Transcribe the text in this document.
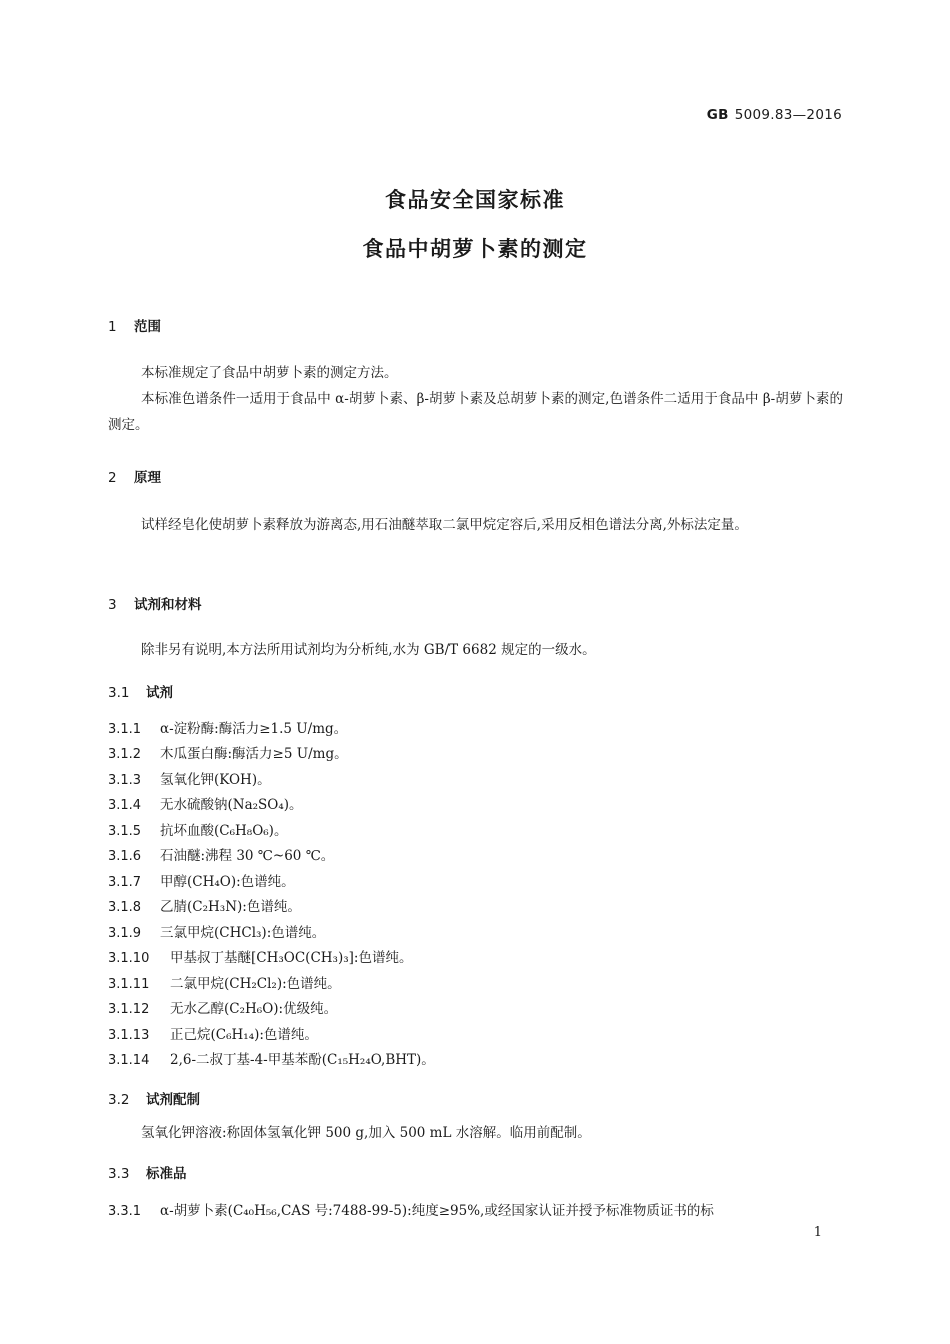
GB 5009.83—2016
食品安全国家标准
食品中胡萝卜素的测定
1 范围
本标准规定了食品中胡萝卜素的测定方法。
本标准色谱条件一适用于食品中 α-胡萝卜素、β-胡萝卜素及总胡萝卜素的测定,色谱条件二适用于食品中 β-胡萝卜素的测定。
2 原理
试样经皂化使胡萝卜素释放为游离态,用石油醚萃取二氯甲烷定容后,采用反相色谱法分离,外标法定量。
3 试剂和材料
除非另有说明,本方法所用试剂均为分析纯,水为 GB/T 6682 规定的一级水。
3.1 试剂
3.1.1 α-淀粉酶:酶活力≥1.5 U/mg。
3.1.2 木瓜蛋白酶:酶活力≥5 U/mg。
3.1.3 氢氧化钾(KOH)。
3.1.4 无水硫酸钠(Na₂SO₄)。
3.1.5 抗坏血酸(C₆H₈O₆)。
3.1.6 石油醚:沸程 30 ℃~60 ℃。
3.1.7 甲醇(CH₄O):色谱纯。
3.1.8 乙腈(C₂H₃N):色谱纯。
3.1.9 三氯甲烷(CHCl₃):色谱纯。
3.1.10 甲基叔丁基醚[CH₃OC(CH₃)₃]:色谱纯。
3.1.11 二氯甲烷(CH₂Cl₂):色谱纯。
3.1.12 无水乙醇(C₂H₆O):优级纯。
3.1.13 正己烷(C₆H₁₄):色谱纯。
3.1.14 2,6-二叔丁基-4-甲基苯酚(C₁₅H₂₄O,BHT)。
3.2 试剂配制
氢氧化钾溶液:称固体氢氧化钾 500 g,加入 500 mL 水溶解。临用前配制。
3.3 标准品
3.3.1 α-胡萝卜素(C₄₀H₅₆,CAS 号:7488-99-5):纯度≥95%,或经国家认证并授予标准物质证书的标
1
